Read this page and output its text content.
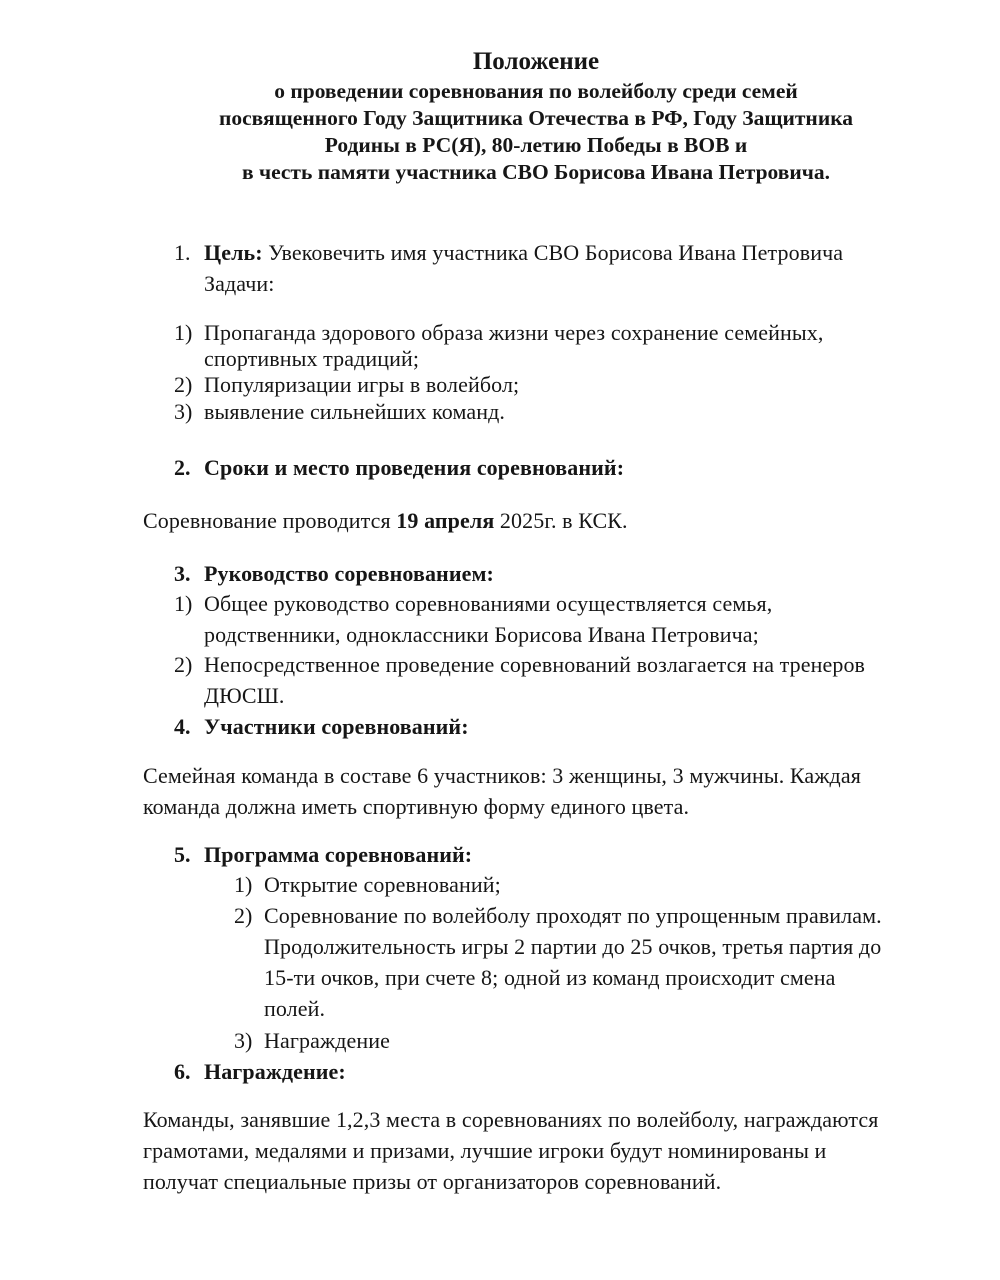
Положение
о проведении соревнования по волейболу среди семей
посвященного Году Защитника Отечества в РФ, Году Защитника
Родины в РС(Я), 80-летию Победы в ВОВ и
в честь памяти участника СВО Борисова Ивана Петровича.
1. Цель: Увековечить имя участника СВО Борисова Ивана Петровича
Задачи:
1) Пропаганда здорового образа жизни через сохранение семейных,
спортивных традиций;
2) Популяризации игры в волейбол;
3) выявление сильнейших команд.
2. Сроки и место проведения соревнований:
Соревнование проводится 19 апреля 2025г. в КСК.
3. Руководство соревнованием:
1) Общее руководство соревнованиями осуществляется семья,
родственники, одноклассники Борисова Ивана Петровича;
2) Непосредственное проведение соревнований возлагается на тренеров
ДЮСШ.
4. Участники соревнований:
Семейная команда в составе 6 участников: 3 женщины, 3 мужчины. Каждая
команда должна иметь спортивную форму единого цвета.
5. Программа соревнований:
1) Открытие соревнований;
2) Соревнование по волейболу проходят по упрощенным правилам.
Продолжительность игры 2 партии до 25 очков, третья партия до
15-ти очков, при счете 8; одной из команд происходит смена
полей.
3) Награждение
6. Награждение:
Команды, занявшие 1,2,3 места в соревнованиях по волейболу, награждаются
грамотами, медалями и призами, лучшие игроки будут номинированы и
получат специальные призы от организаторов соревнований.
